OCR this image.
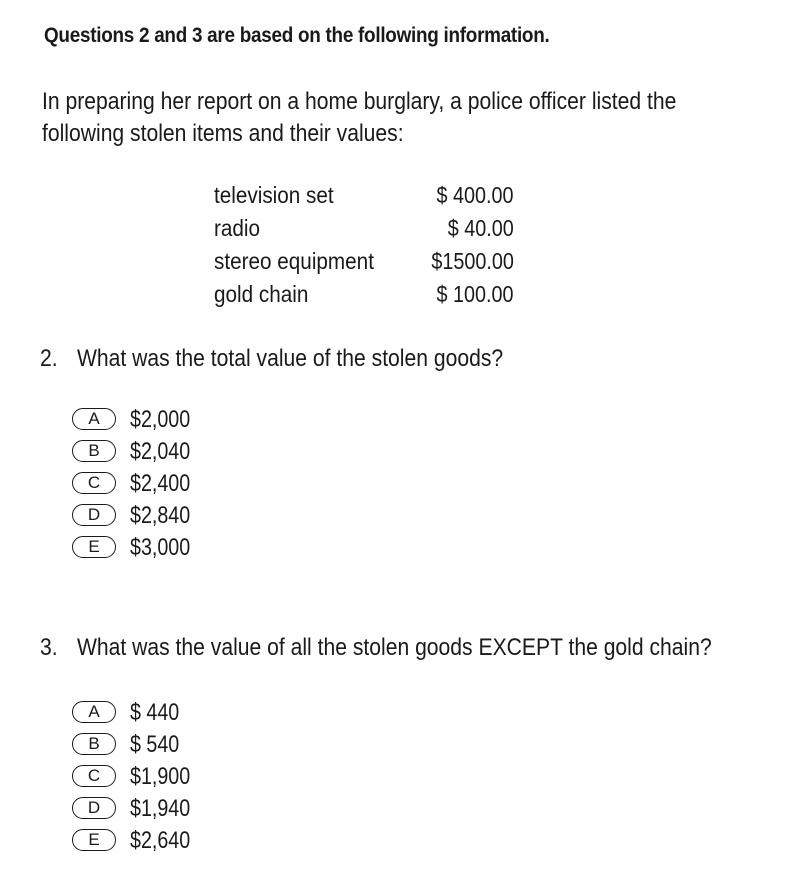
Questions 2 and 3 are based on the following information.
In preparing her report on a home burglary, a police officer listed the
following stolen items and their values:
television set	$ 400.00
radio	$ 40.00
stereo equipment	$1500.00
gold chain	$ 100.00
2. What was the total value of the stolen goods?
A	$2,000
B	$2,040
C	$2,400
D	$2,840
E	$3,000
3. What was the value of all the stolen goods EXCEPT the gold chain?
A	$ 440
B	$ 540
C	$1,900
D	$1,940
E	$2,640
